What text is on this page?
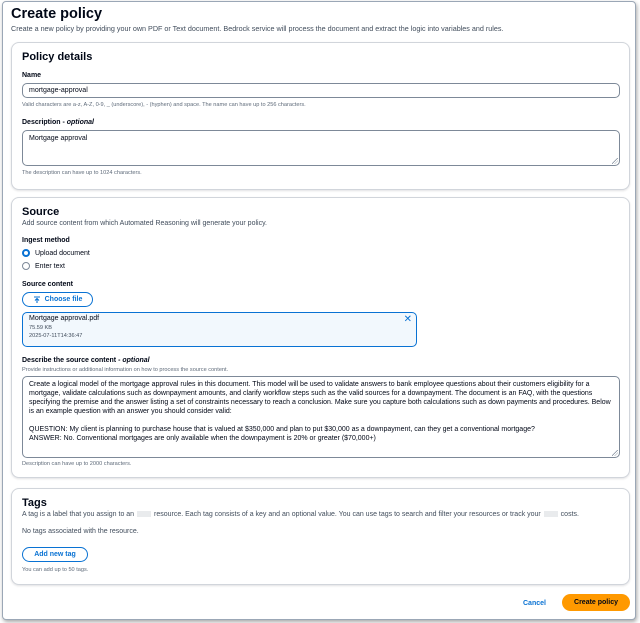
Create policy
Create a new policy by providing your own PDF or Text document. Bedrock service will process the document and extract the logic into variables and rules.
Policy details
Name
mortgage-approval
Valid characters are a-z, A-Z, 0-9, _ (underscore), - (hyphen) and space. The name can have up to 256 characters.
Description - optional
Mortgage approval
The description can have up to 1024 characters.
Source
Add source content from which Automated Reasoning will generate your policy.
Ingest method
Upload document
Enter text
Source content
Choose file
Mortgage approval.pdf
75.59 KB
2025-07-11T14:36:47
✕
Describe the source content - optional
Provide instructions or additional information on how to process the source content.

Create a logical model of the mortgage approval rules in this document. This model will be used to validate answers to bank employee questions about their customers eligibility for a mortgage, validate calculations such as downpayment amounts, and clarify workflow steps such as the valid sources for a downpayment. The document is an FAQ, with the questions specifying the premise and the answer listing a set of constraints necessary to reach a conclusion. Make sure you capture both calculations such as down payments and procedures. Below is an example question with an answer you should consider valid:

QUESTION: My client is planning to purchase house that is valued at $350,000 and plan to put $30,000 as a downpayment, can they get a conventional mortgage?

ANSWER: No. Conventional mortgages are only available when the downpayment is 20% or greater ($70,000+)

Description can have up to 2000 characters.
Tags
A tag is a label that you assign to an	resource. Each tag consists of a key and an optional value. You can use tags to search and filter your resources or track your	costs.
No tags associated with the resource.
Add new tag
You can add up to 50 tags.
Cancel	Create policy
